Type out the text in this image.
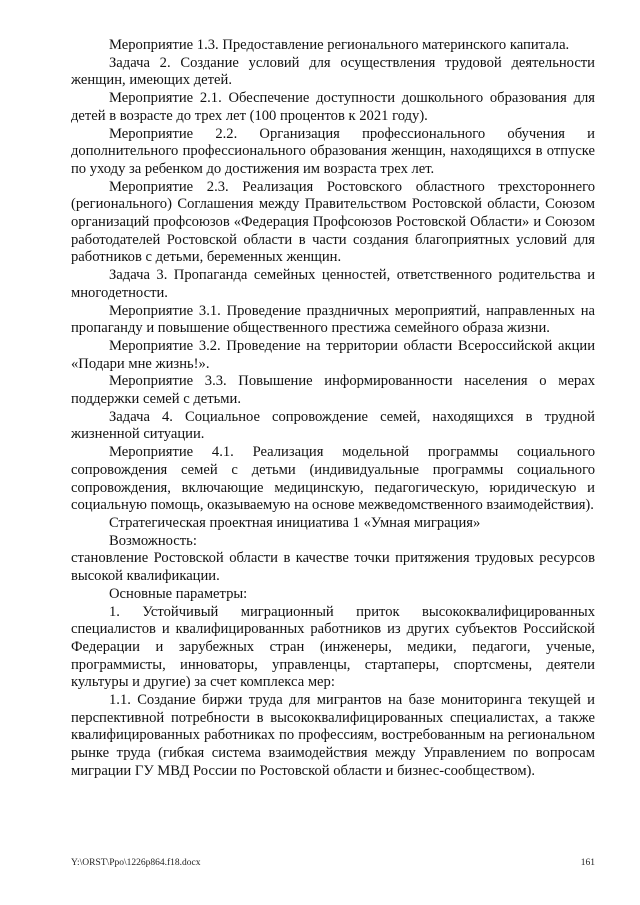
Мероприятие 1.3. Предоставление регионального материнского капитала.

Задача 2. Создание условий для осуществления трудовой деятельности женщин, имеющих детей.

Мероприятие 2.1. Обеспечение доступности дошкольного образования для детей в возрасте до трех лет (100 процентов к 2021 году).

Мероприятие 2.2. Организация профессионального обучения и дополнительного профессионального образования женщин, находящихся в отпуске по уходу за ребенком до достижения им возраста трех лет.

Мероприятие 2.3. Реализация Ростовского областного трехстороннего (регионального) Соглашения между Правительством Ростовской области, Союзом организаций профсоюзов «Федерация Профсоюзов Ростовской Области» и Союзом работодателей Ростовской области в части создания благоприятных условий для работников с детьми, беременных женщин.

Задача 3. Пропаганда семейных ценностей, ответственного родительства и многодетности.

Мероприятие 3.1. Проведение праздничных мероприятий, направленных на пропаганду и повышение общественного престижа семейного образа жизни.

Мероприятие 3.2. Проведение на территории области Всероссийской акции «Подари мне жизнь!».

Мероприятие 3.3. Повышение информированности населения о мерах поддержки семей с детьми.

Задача 4. Социальное сопровождение семей, находящихся в трудной жизненной ситуации.

Мероприятие 4.1. Реализация модельной программы социального сопровождения семей с детьми (индивидуальные программы социального сопровождения, включающие медицинскую, педагогическую, юридическую и социальную помощь, оказываемую на основе межведомственного взаимодействия).

Стратегическая проектная инициатива 1 «Умная миграция»

Возможность:

становление Ростовской области в качестве точки притяжения трудовых ресурсов высокой квалификации.

Основные параметры:

1. Устойчивый миграционный приток высококвалифицированных специалистов и квалифицированных работников из других субъектов Российской Федерации и зарубежных стран (инженеры, медики, педагоги, ученые, программисты, инноваторы, управленцы, стартаперы, спортсмены, деятели культуры и другие) за счет комплекса мер:

1.1. Создание биржи труда для мигрантов на базе мониторинга текущей и перспективной потребности в высококвалифицированных специалистах, а также квалифицированных работниках по профессиям, востребованным на региональном рынке труда (гибкая система взаимодействия между Управлением по вопросам миграции ГУ МВД России по Ростовской области и бизнес-сообществом).

Y:\ORST\Ppo\1226p864.f18.docx	161
